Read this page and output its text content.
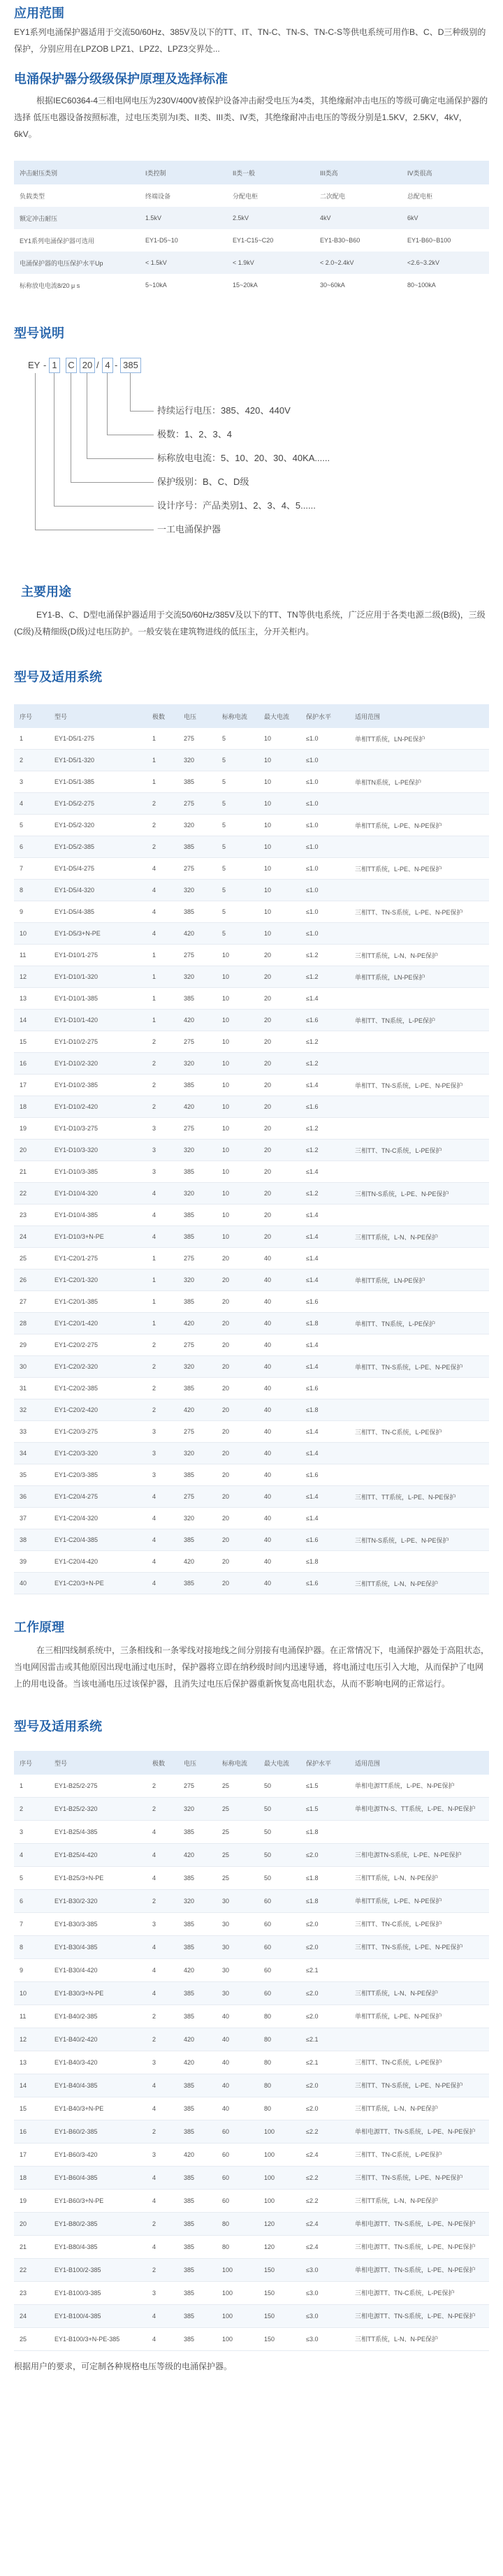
应用范围

EY1系列电涌保护器适用于交流50/60Hz、385V及以下的TT、IT、TN-C、TN-S、TN-C-S等供电系统可用作B、C、D三种级别的保护，分别应用在LPZOB LPZ1、LPZ2、LPZ3交界处...

电涌保护器分级级保护原理及选择标准

根据IEC60364-4三相电网电压为230V/400V被保护设备冲击耐受电压为4类，其绝缘耐冲击电压的等级可确定电涌保护器的选择 低压电器设备按照标准，过电压类别为I类、II类、III类、IV类，其绝缘耐冲击电压的等级分别是1.5KV，2.5KV，4kV，6kV。

冲击耐压类别	I类控制	II类一般	III类高	IV类很高
负载类型	终端设备	分配电柜	二次配电	总配电柜
额定冲击耐压	1.5kV	2.5kV	4kV	6kV
EY1系列电涌保护器可选用	EY1-D5~10	EY1-C15~C20	EY1-B30~B60	EY1-B60~B100
电涌保护器的电压保护水平Up	< 1.5kV	< 1.9kV	< 2.0~2.4kV	<2.6~3.2kV
标称放电电流8/20 μ s	5~10kA	15~20kA	30~60kA	80~100kA
型号说明
EY - 1	C 20 / 4 - 385
持续运行电压：385、420、440V
极数：1、2、3、4
标称放电电流：5、10、20、30、40KA......
保护级别：B、C、D级
设计序号：产品类别1、2、3、4、5......
一工电涌保护器
主要用途

EY1-B、C、D型电涌保护器适用于交流50/60Hz/385V及以下的TT、TN等供电系统，广泛应用于各类电源二级(B级)，三级(C级)及精细级(D级)过电压防护。一般安装在建筑物进线的低压主，分开关柜内。

型号及适用系统
序号	型号	极数	电压	标称电流	最大电流	保护水平	适用范围
1	EY1-D5/1-275	1	275	5	10	≤1.0	单相TT系统，LN-PE保护
2	EY1-D5/1-320	1	320	5	10	≤1.0	
3	EY1-D5/1-385	1	385	5	10	≤1.0	单相TN系统，L-PE保护
4	EY1-D5/2-275	2	275	5	10	≤1.0	
5	EY1-D5/2-320	2	320	5	10	≤1.0	单相TT系统，L-PE、N-PE保护
6	EY1-D5/2-385	2	385	5	10	≤1.0	
7	EY1-D5/4-275	4	275	5	10	≤1.0	三相TT系统，L-PE、N-PE保护
8	EY1-D5/4-320	4	320	5	10	≤1.0	
9	EY1-D5/4-385	4	385	5	10	≤1.0	三相TT、TN-S系统，L-PE、N-PE保护
10	EY1-D5/3+N-PE	4	420	5	10	≤1.0	
11	EY1-D10/1-275	1	275	10	20	≤1.2	三相TT系统，L-N、N-PE保护
12	EY1-D10/1-320	1	320	10	20	≤1.2	单相TT系统，LN-PE保护
13	EY1-D10/1-385	1	385	10	20	≤1.4	
14	EY1-D10/1-420	1	420	10	20	≤1.6	单相TT、TN系统，L-PE保护
15	EY1-D10/2-275	2	275	10	20	≤1.2	
16	EY1-D10/2-320	2	320	10	20	≤1.2	
17	EY1-D10/2-385	2	385	10	20	≤1.4	单相TT、TN-S系统，L-PE、N-PE保护
18	EY1-D10/2-420	2	420	10	20	≤1.6	
19	EY1-D10/3-275	3	275	10	20	≤1.2	
20	EY1-D10/3-320	3	320	10	20	≤1.2	三相TT、TN-C系统，L-PE保护
21	EY1-D10/3-385	3	385	10	20	≤1.4	
22	EY1-D10/4-320	4	320	10	20	≤1.2	三相TN-S系统，L-PE、N-PE保护
23	EY1-D10/4-385	4	385	10	20	≤1.4	
24	EY1-D10/3+N-PE	4	385	10	20	≤1.4	三相TT系统，L-N、N-PE保护
25	EY1-C20/1-275	1	275	20	40	≤1.4	
26	EY1-C20/1-320	1	320	20	40	≤1.4	单相TT系统，LN-PE保护
27	EY1-C20/1-385	1	385	20	40	≤1.6	
28	EY1-C20/1-420	1	420	20	40	≤1.8	单相TT、TN系统，L-PE保护
29	EY1-C20/2-275	2	275	20	40	≤1.4	
30	EY1-C20/2-320	2	320	20	40	≤1.4	单相TT、TN-S系统，L-PE、N-PE保护
31	EY1-C20/2-385	2	385	20	40	≤1.6	
32	EY1-C20/2-420	2	420	20	40	≤1.8	
33	EY1-C20/3-275	3	275	20	40	≤1.4	三相TT、TN-C系统，L-PE保护
34	EY1-C20/3-320	3	320	20	40	≤1.4	
35	EY1-C20/3-385	3	385	20	40	≤1.6	
36	EY1-C20/4-275	4	275	20	40	≤1.4	三相TT、TT系统，L-PE、N-PE保护
37	EY1-C20/4-320	4	320	20	40	≤1.4	
38	EY1-C20/4-385	4	385	20	40	≤1.6	三相TN-S系统，L-PE、N-PE保护
39	EY1-C20/4-420	4	420	20	40	≤1.8	
40	EY1-C20/3+N-PE	4	385	20	40	≤1.6	三相TT系统，L-N、N-PE保护
工作原理

在三相四线制系统中，三条相线和一条零线对接地线之间分别接有电涌保护器。在正常情况下，电涌保护器处于高阻状态，当电网因雷击或其他原因出现电涌过电压时，保护器将立即在纳秒级时间内迅速导通，将电涌过电压引入大地，从而保护了电网上的用电设备。当该电涌电压过该保护器，且消失过电压后保护器重新恢复高电阻状态，从而不影响电网的正常运行。

型号及适用系统
序号	型号	极数	电压	标称电流	最大电流	保护水平	适用范围
1	EY1-B25/2-275	2	275	25	50	≤1.5	单相电源TT系统，L-PE、N-PE保护
2	EY1-B25/2-320	2	320	25	50	≤1.5	单相电源TN-S、TT系统，L-PE、N-PE保护
3	EY1-B25/4-385	4	385	25	50	≤1.8	
4	EY1-B25/4-420	4	420	25	50	≤2.0	三相电源TN-S系统，L-PE、N-PE保护
5	EY1-B25/3+N-PE	4	385	25	50	≤1.8	三相TT系统，L-N、N-PE保护
6	EY1-B30/2-320	2	320	30	60	≤1.8	单相TT系统，L-PE、N-PE保护
7	EY1-B30/3-385	3	385	30	60	≤2.0	三相TT、TN-C系统，L-PE保护
8	EY1-B30/4-385	4	385	30	60	≤2.0	三相TT、TN-S系统，L-PE、N-PE保护
9	EY1-B30/4-420	4	420	30	60	≤2.1	
10	EY1-B30/3+N-PE	4	385	30	60	≤2.0	三相TT系统，L-N、N-PE保护
11	EY1-B40/2-385	2	385	40	80	≤2.0	单相TT系统，L-PE、N-PE保护
12	EY1-B40/2-420	2	420	40	80	≤2.1	
13	EY1-B40/3-420	3	420	40	80	≤2.1	三相TT、TN-C系统，L-PE保护
14	EY1-B40/4-385	4	385	40	80	≤2.0	三相TT、TN-S系统，L-PE、N-PE保护
15	EY1-B40/3+N-PE	4	385	40	80	≤2.0	三相TT系统，L-N、N-PE保护
16	EY1-B60/2-385	2	385	60	100	≤2.2	单相电源TT、TN-S系统，L-PE、N-PE保护
17	EY1-B60/3-420	3	420	60	100	≤2.4	三相TT、TN-C系统，L-PE保护
18	EY1-B60/4-385	4	385	60	100	≤2.2	三相TT、TN-S系统，L-PE、N-PE保护
19	EY1-B60/3+N-PE	4	385	60	100	≤2.2	三相TT系统，L-N、N-PE保护
20	EY1-B80/2-385	2	385	80	120	≤2.4	单相电源TT、TN-S系统，L-PE、N-PE保护
21	EY1-B80/4-385	4	385	80	120	≤2.4	三相电源TT、TN-S系统，L-PE、N-PE保护
22	EY1-B100/2-385	2	385	100	150	≤3.0	单相电源TT、TN-S系统，L-PE、N-PE保护
23	EY1-B100/3-385	3	385	100	150	≤3.0	三相电源TT、TN-C系统，L-PE保护
24	EY1-B100/4-385	4	385	100	150	≤3.0	三相电源TT、TN-S系统，L-PE、N-PE保护
25	EY1-B100/3+N-PE-385	4	385	100	150	≤3.0	三相TT系统，L-N、N-PE保护

根据用户的要求，可定制各种规格电压等级的电涌保护器。
